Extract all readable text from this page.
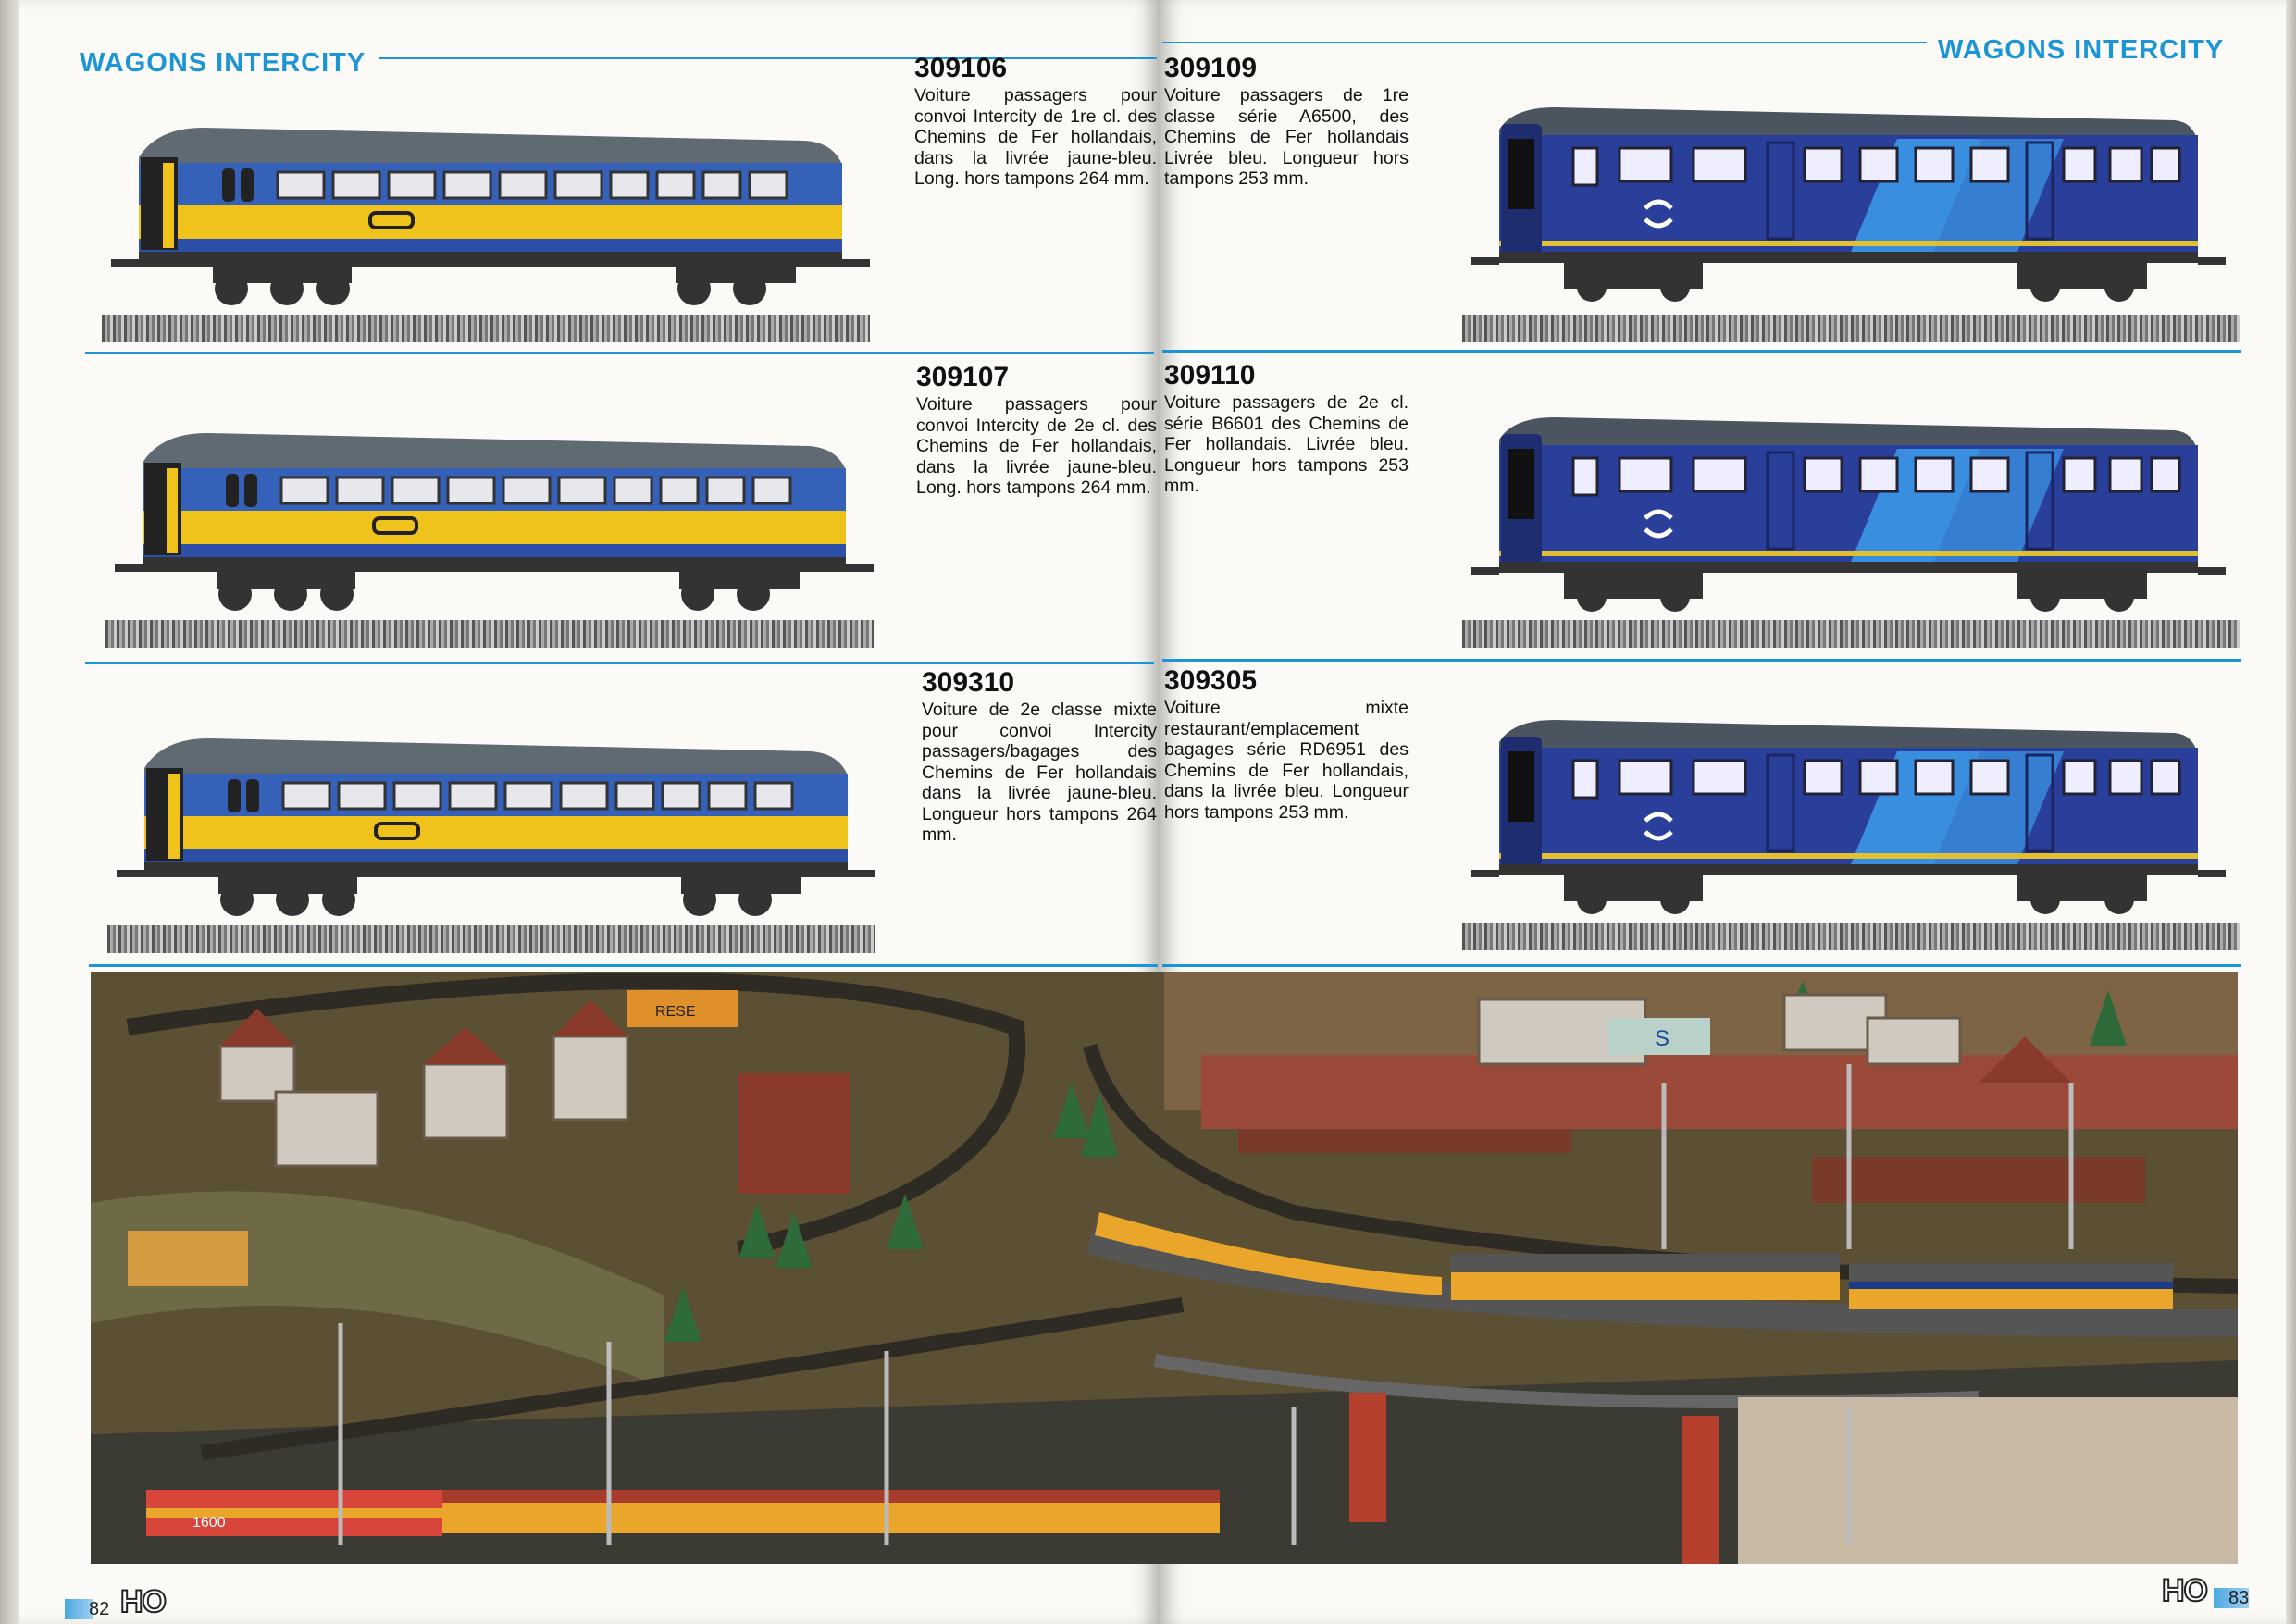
WAGONS INTERCITY	WAGONS INTERCITY
309106
Voiture passagers pour convoi Intercity de 1re cl. des Chemins de Fer hollandais, dans la livrée jaune-bleu. Long. hors tampons 264 mm.
309107
Voiture passagers pour convoi Intercity de 2e cl. des Chemins de Fer hollandais, dans la livrée jaune-bleu. Long. hors tampons 264 mm.
309310
Voiture de 2e classe mixte pour convoi Intercity passagers/bagages des Chemins de Fer hollandais dans la livrée jaune-bleu. Longueur hors tampons 264 mm.
309109
Voiture passagers de 1re classe série A6500, des Chemins de Fer hollandais Livrée bleu. Longueur hors tampons 253 mm.
309110
Voiture passagers de 2e cl. série B6601 des Chemins de Fer hollandais. Livrée bleu. Longueur hors tampons 253 mm.
309305
Voiture mixte restaurant/emplacement bagages série RD6951 des Chemins de Fer hollandais, dans la livrée bleu. Longueur hors tampons 253 mm.
S
RESE
1600
82 HO	HO 83
